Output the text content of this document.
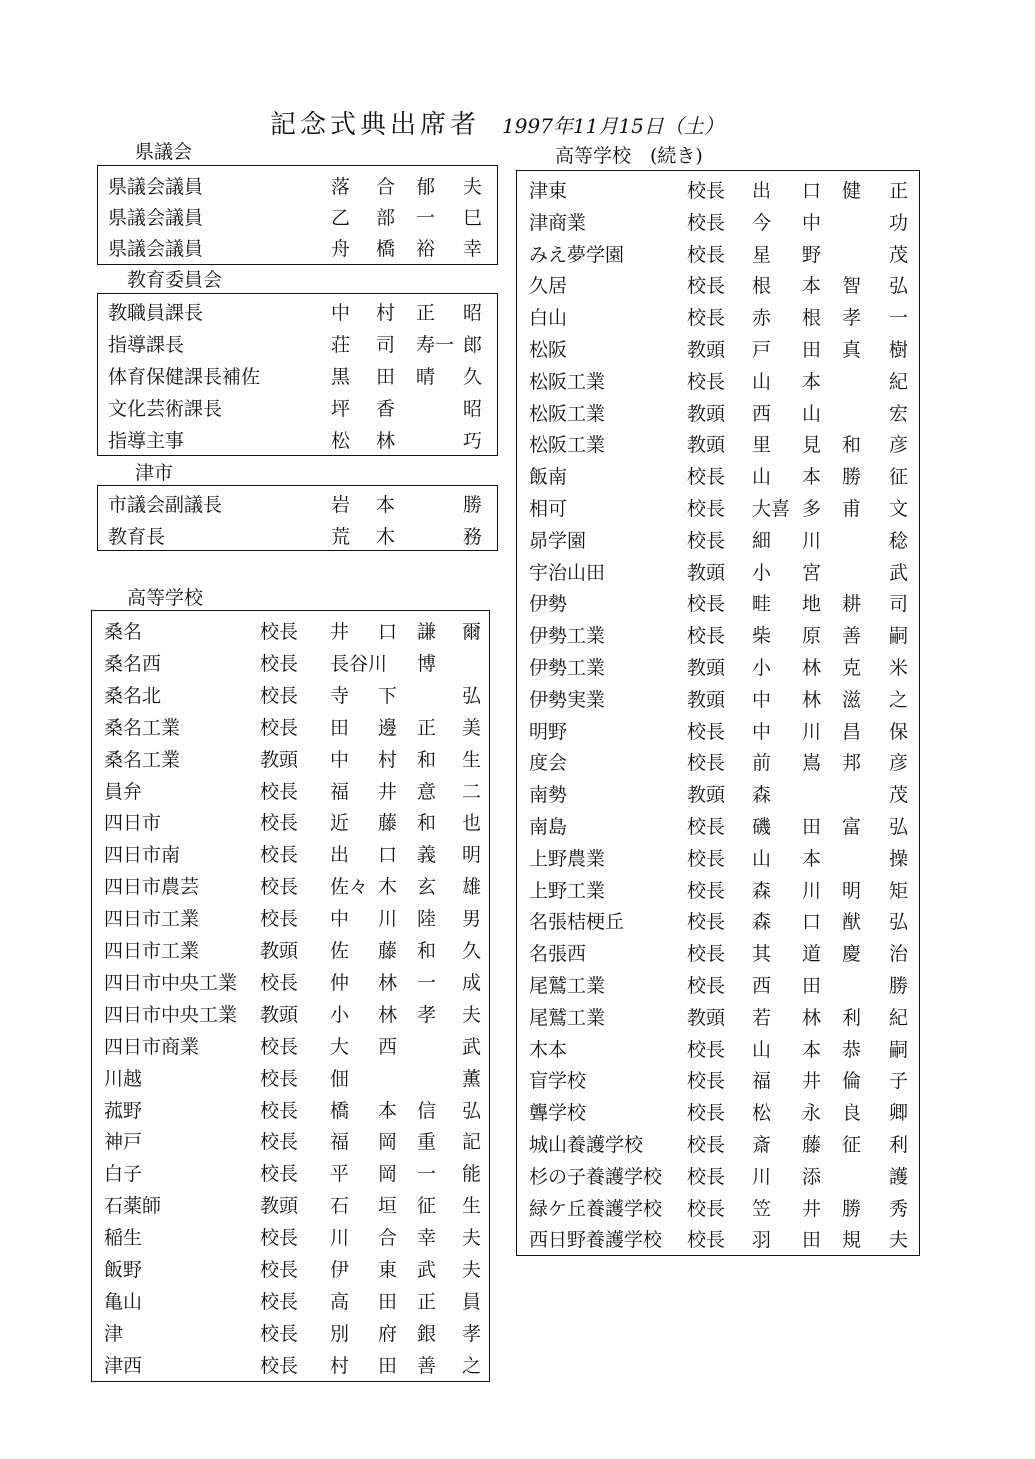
記念式典出席者 1997年11月15日（土）
県議会
県議会議員	落 合 郁 夫
県議会議員	乙 部 一 巳
県議会議員	舟 橋 裕 幸
教育委員会
教職員課長	中 村 正 昭
指導課長	荘 司 寿一 郎
体育保健課長補佐	黒 田 晴 久
文化芸術課長	坪 香	昭
指導主事	松 林	巧
津市
市議会副議長	岩 本	勝
教育長	荒 木	務
高等学校
桑名	校長 井 口 謙 爾
桑名西	校長 長谷川 博
桑名北	校長 寺 下	弘
桑名工業	校長 田 邊 正 美
桑名工業	教頭 中 村 和 生
員弁	校長 福 井 意 二
四日市	校長 近 藤 和 也
四日市南	校長 出 口 義 明
四日市農芸	校長 佐々 木 玄 雄
四日市工業	校長 中 川 陸 男
四日市工業	教頭 佐 藤 和 久
四日市中央工業 校長 仲 林 一 成
四日市中央工業 教頭 小 林 孝 夫
四日市商業	校長 大 西	武
川越	校長 佃	薫
菰野	校長 橋 本 信 弘
神戸	校長 福 岡 重 記
白子	校長 平 岡 一 能
石薬師	教頭 石 垣 征 生
稲生	校長 川 合 幸 夫
飯野	校長 伊 東 武 夫
亀山	校長 高 田 正 員
津	校長 別 府 銀 孝
津西	校長 村 田 善 之
高等学校　(続き)
津東	校長 出 口 健 正
津商業	校長 今 中	功
みえ夢学園	校長 星 野	茂
久居	校長 根 本 智 弘
白山	校長 赤 根 孝 一
松阪	教頭 戸 田 真 樹
松阪工業	校長 山 本	紀
松阪工業	教頭 西 山	宏
松阪工業	教頭 里 見 和 彦
飯南	校長 山 本 勝 征
相可	校長 大喜 多 甫 文
昴学園	校長 細 川	稔
宇治山田	教頭 小 宮	武
伊勢	校長 畦 地 耕 司
伊勢工業	校長 柴 原 善 嗣
伊勢工業	教頭 小 林 克 米
伊勢実業	教頭 中 林 滋 之
明野	校長 中 川 昌 保
度会	校長 前 嶌 邦 彦
南勢	教頭 森	茂
南島	校長 磯 田 富 弘
上野農業	校長 山 本	操
上野工業	校長 森 川 明 矩
名張桔梗丘	校長 森 口 猷 弘
名張西	校長 其 道 慶 治
尾鷲工業	校長 西 田	勝
尾鷲工業	教頭 若 林 利 紀
木本	校長 山 本 恭 嗣
盲学校	校長 福 井 倫 子
聾学校	校長 松 永 良 卿
城山養護学校 校長 斎 藤 征 利
杉の子養護学校 校長 川 添	護
緑ケ丘養護学校 校長 笠 井 勝 秀
西日野養護学校 校長 羽 田 規 夫
